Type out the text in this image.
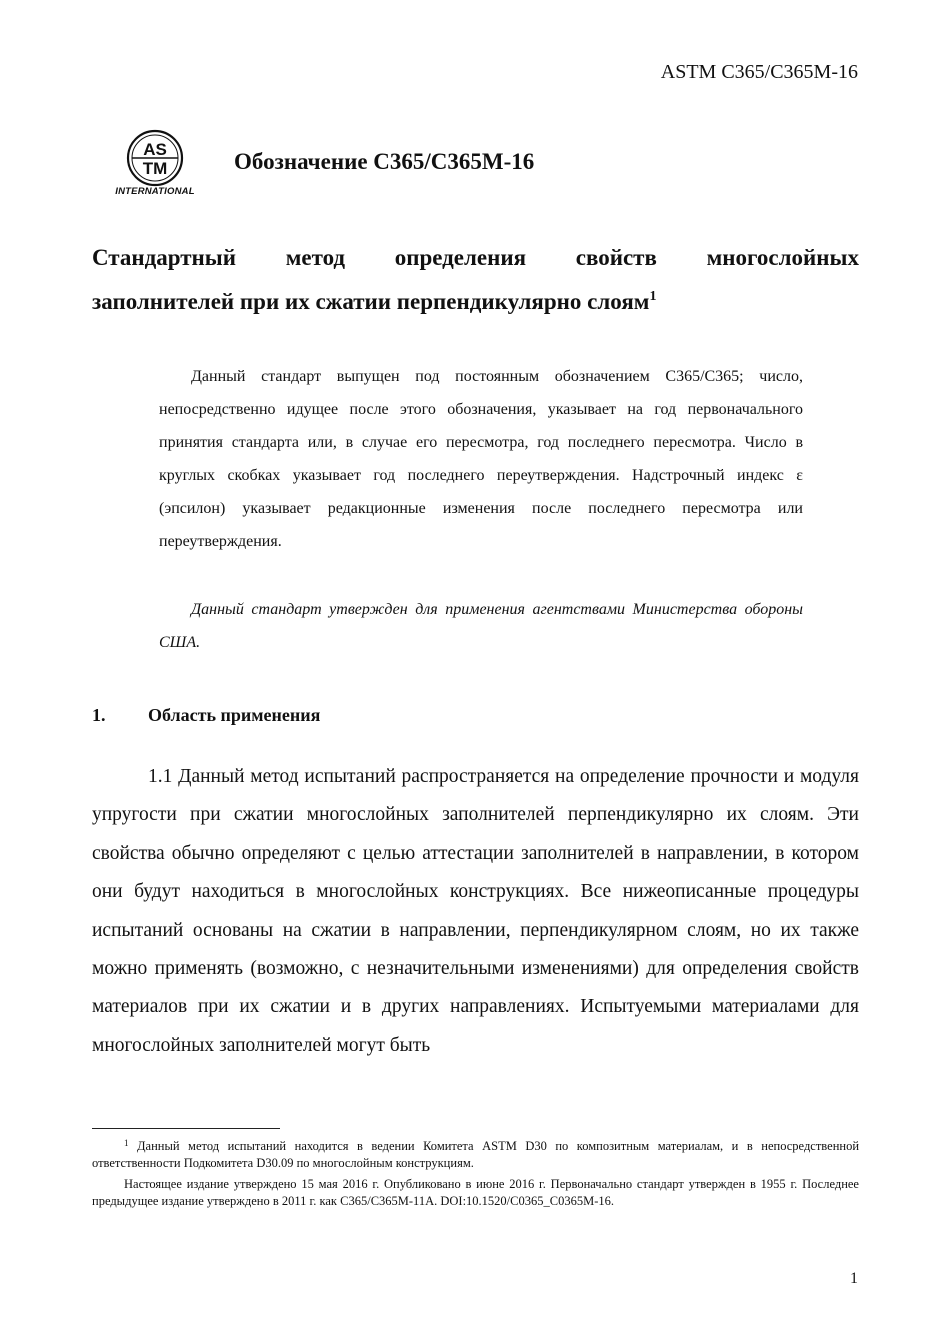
ASTM C365/C365M-16
AS
TM
INTERNATIONAL
Обозначение C365/C365M-16
Стандартный метод определения свойств многослойных
заполнителей при их сжатии перпендикулярно слоям$^1$
Данный стандарт выпущен под постоянным обозначением C365/C365; число, непосредственно идущее после этого обозначения, указывает на год первоначального принятия стандарта или, в случае его пересмотра, год последнего пересмотра. Число в круглых скобках указывает год последнего переутверждения. Надстрочный индекс ε (эпсилон) указывает редакционные изменения после последнего пересмотра или переутверждения.
Данный стандарт утвержден для применения агентствами Министерства обороны США.
1. Область применения
1.1 Данный метод испытаний распространяется на определение прочности и модуля упругости при сжатии многослойных заполнителей перпендикулярно их слоям. Эти свойства обычно определяют с целью аттестации заполнителей в направлении, в котором они будут находиться в многослойных конструкциях. Все нижеописанные процедуры испытаний основаны на сжатии в направлении, перпендикулярном слоям, но их также можно применять (возможно, с незначительными изменениями) для определения свойств материалов при их сжатии и в других направлениях. Испытуемыми материалами для многослойных заполнителей могут быть
$^1$ Данный метод испытаний находится в ведении Комитета ASTM D30 по композитным материалам, и в непосредственной ответственности Подкомитета D30.09 по многослойным конструкциям.
Настоящее издание утверждено 15 мая 2016 г. Опубликовано в июне 2016 г. Первоначально стандарт утвержден в 1955 г. Последнее предыдущее издание утверждено в 2011 г. как C365/C365M-11A. DOI:10.1520/C0365_C0365M-16.
1
